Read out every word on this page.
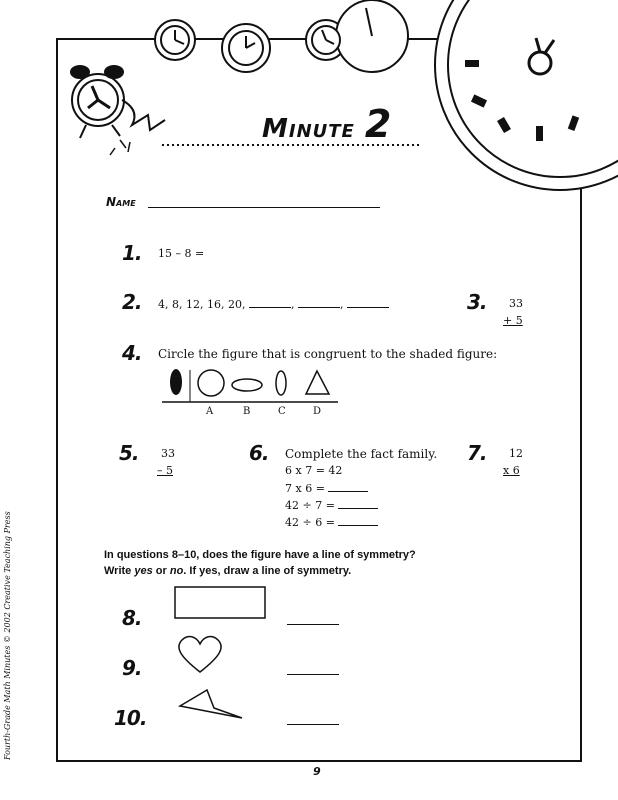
Minute 2
Name
1. 15 – 8 =
2. 4, 8, 12, 16, 20,	,	,	3. 33
+ 5
4. Circle the figure that is congruent to the shaded figure:
A	B	C	D
5. 33
– 5
6. Complete the fact family.
6 x 7 = 42
7 x 6 =
42 ÷ 7 =
42 ÷ 6 =
7. 12
x 6
In questions 8–10, does the figure have a line of symmetry?
Write yes or no. If yes, draw a line of symmetry.
8.
9.
10.
9
Fourth-Grade Math Minutes © 2002 Creative Teaching Press
